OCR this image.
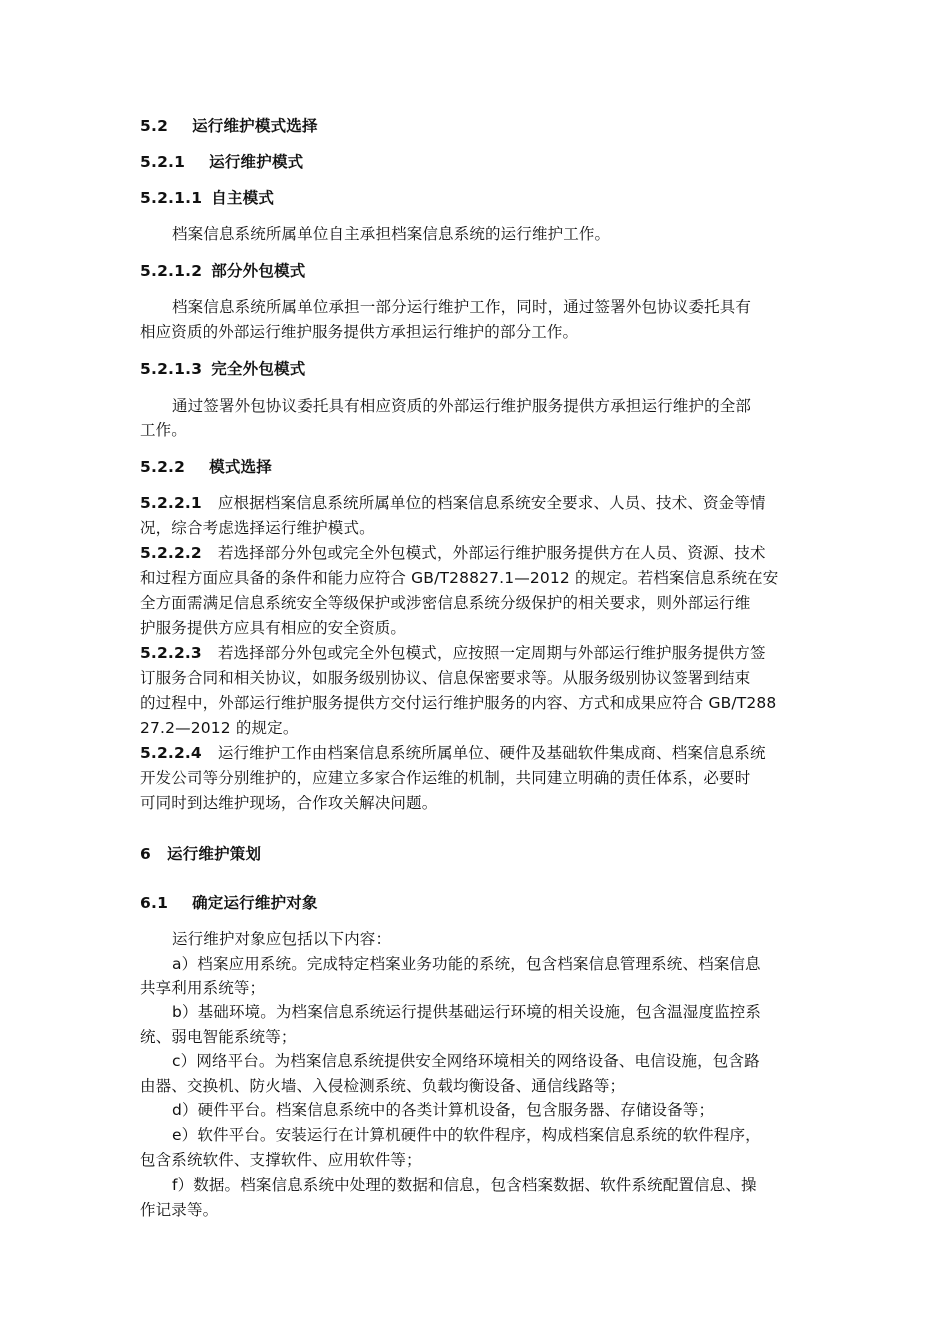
5.2 运行维护模式选择
5.2.1 运行维护模式
5.2.1.1 自主模式
档案信息系统所属单位自主承担档案信息系统的运行维护工作。
5.2.1.2 部分外包模式
档案信息系统所属单位承担一部分运行维护工作，同时，通过签署外包协议委托具有
相应资质的外部运行维护服务提供方承担运行维护的部分工作。
5.2.1.3 完全外包模式
通过签署外包协议委托具有相应资质的外部运行维护服务提供方承担运行维护的全部
工作。
5.2.2 模式选择
5.2.2.1 应根据档案信息系统所属单位的档案信息系统安全要求、人员、技术、资金等情
况，综合考虑选择运行维护模式。
5.2.2.2 若选择部分外包或完全外包模式，外部运行维护服务提供方在人员、资源、技术
和过程方面应具备的条件和能力应符合 GB/T28827.1—2012 的规定。若档案信息系统在安
全方面需满足信息系统安全等级保护或涉密信息系统分级保护的相关要求，则外部运行维
护服务提供方应具有相应的安全资质。
5.2.2.3 若选择部分外包或完全外包模式，应按照一定周期与外部运行维护服务提供方签
订服务合同和相关协议，如服务级别协议、信息保密要求等。从服务级别协议签署到结束
的过程中，外部运行维护服务提供方交付运行维护服务的内容、方式和成果应符合 GB/T288
27.2—2012 的规定。
5.2.2.4 运行维护工作由档案信息系统所属单位、硬件及基础软件集成商、档案信息系统
开发公司等分别维护的，应建立多家合作运维的机制，共同建立明确的责任体系，必要时
可同时到达维护现场，合作攻关解决问题。
6 运行维护策划
6.1 确定运行维护对象
运行维护对象应包括以下内容：
a）档案应用系统。完成特定档案业务功能的系统，包含档案信息管理系统、档案信息
共享利用系统等；
b）基础环境。为档案信息系统运行提供基础运行环境的相关设施，包含温湿度监控系
统、弱电智能系统等；
c）网络平台。为档案信息系统提供安全网络环境相关的网络设备、电信设施，包含路
由器、交换机、防火墙、入侵检测系统、负载均衡设备、通信线路等；
d）硬件平台。档案信息系统中的各类计算机设备，包含服务器、存储设备等；
e）软件平台。安装运行在计算机硬件中的软件程序，构成档案信息系统的软件程序，
包含系统软件、支撑软件、应用软件等；
f）数据。档案信息系统中处理的数据和信息，包含档案数据、软件系统配置信息、操
作记录等。
